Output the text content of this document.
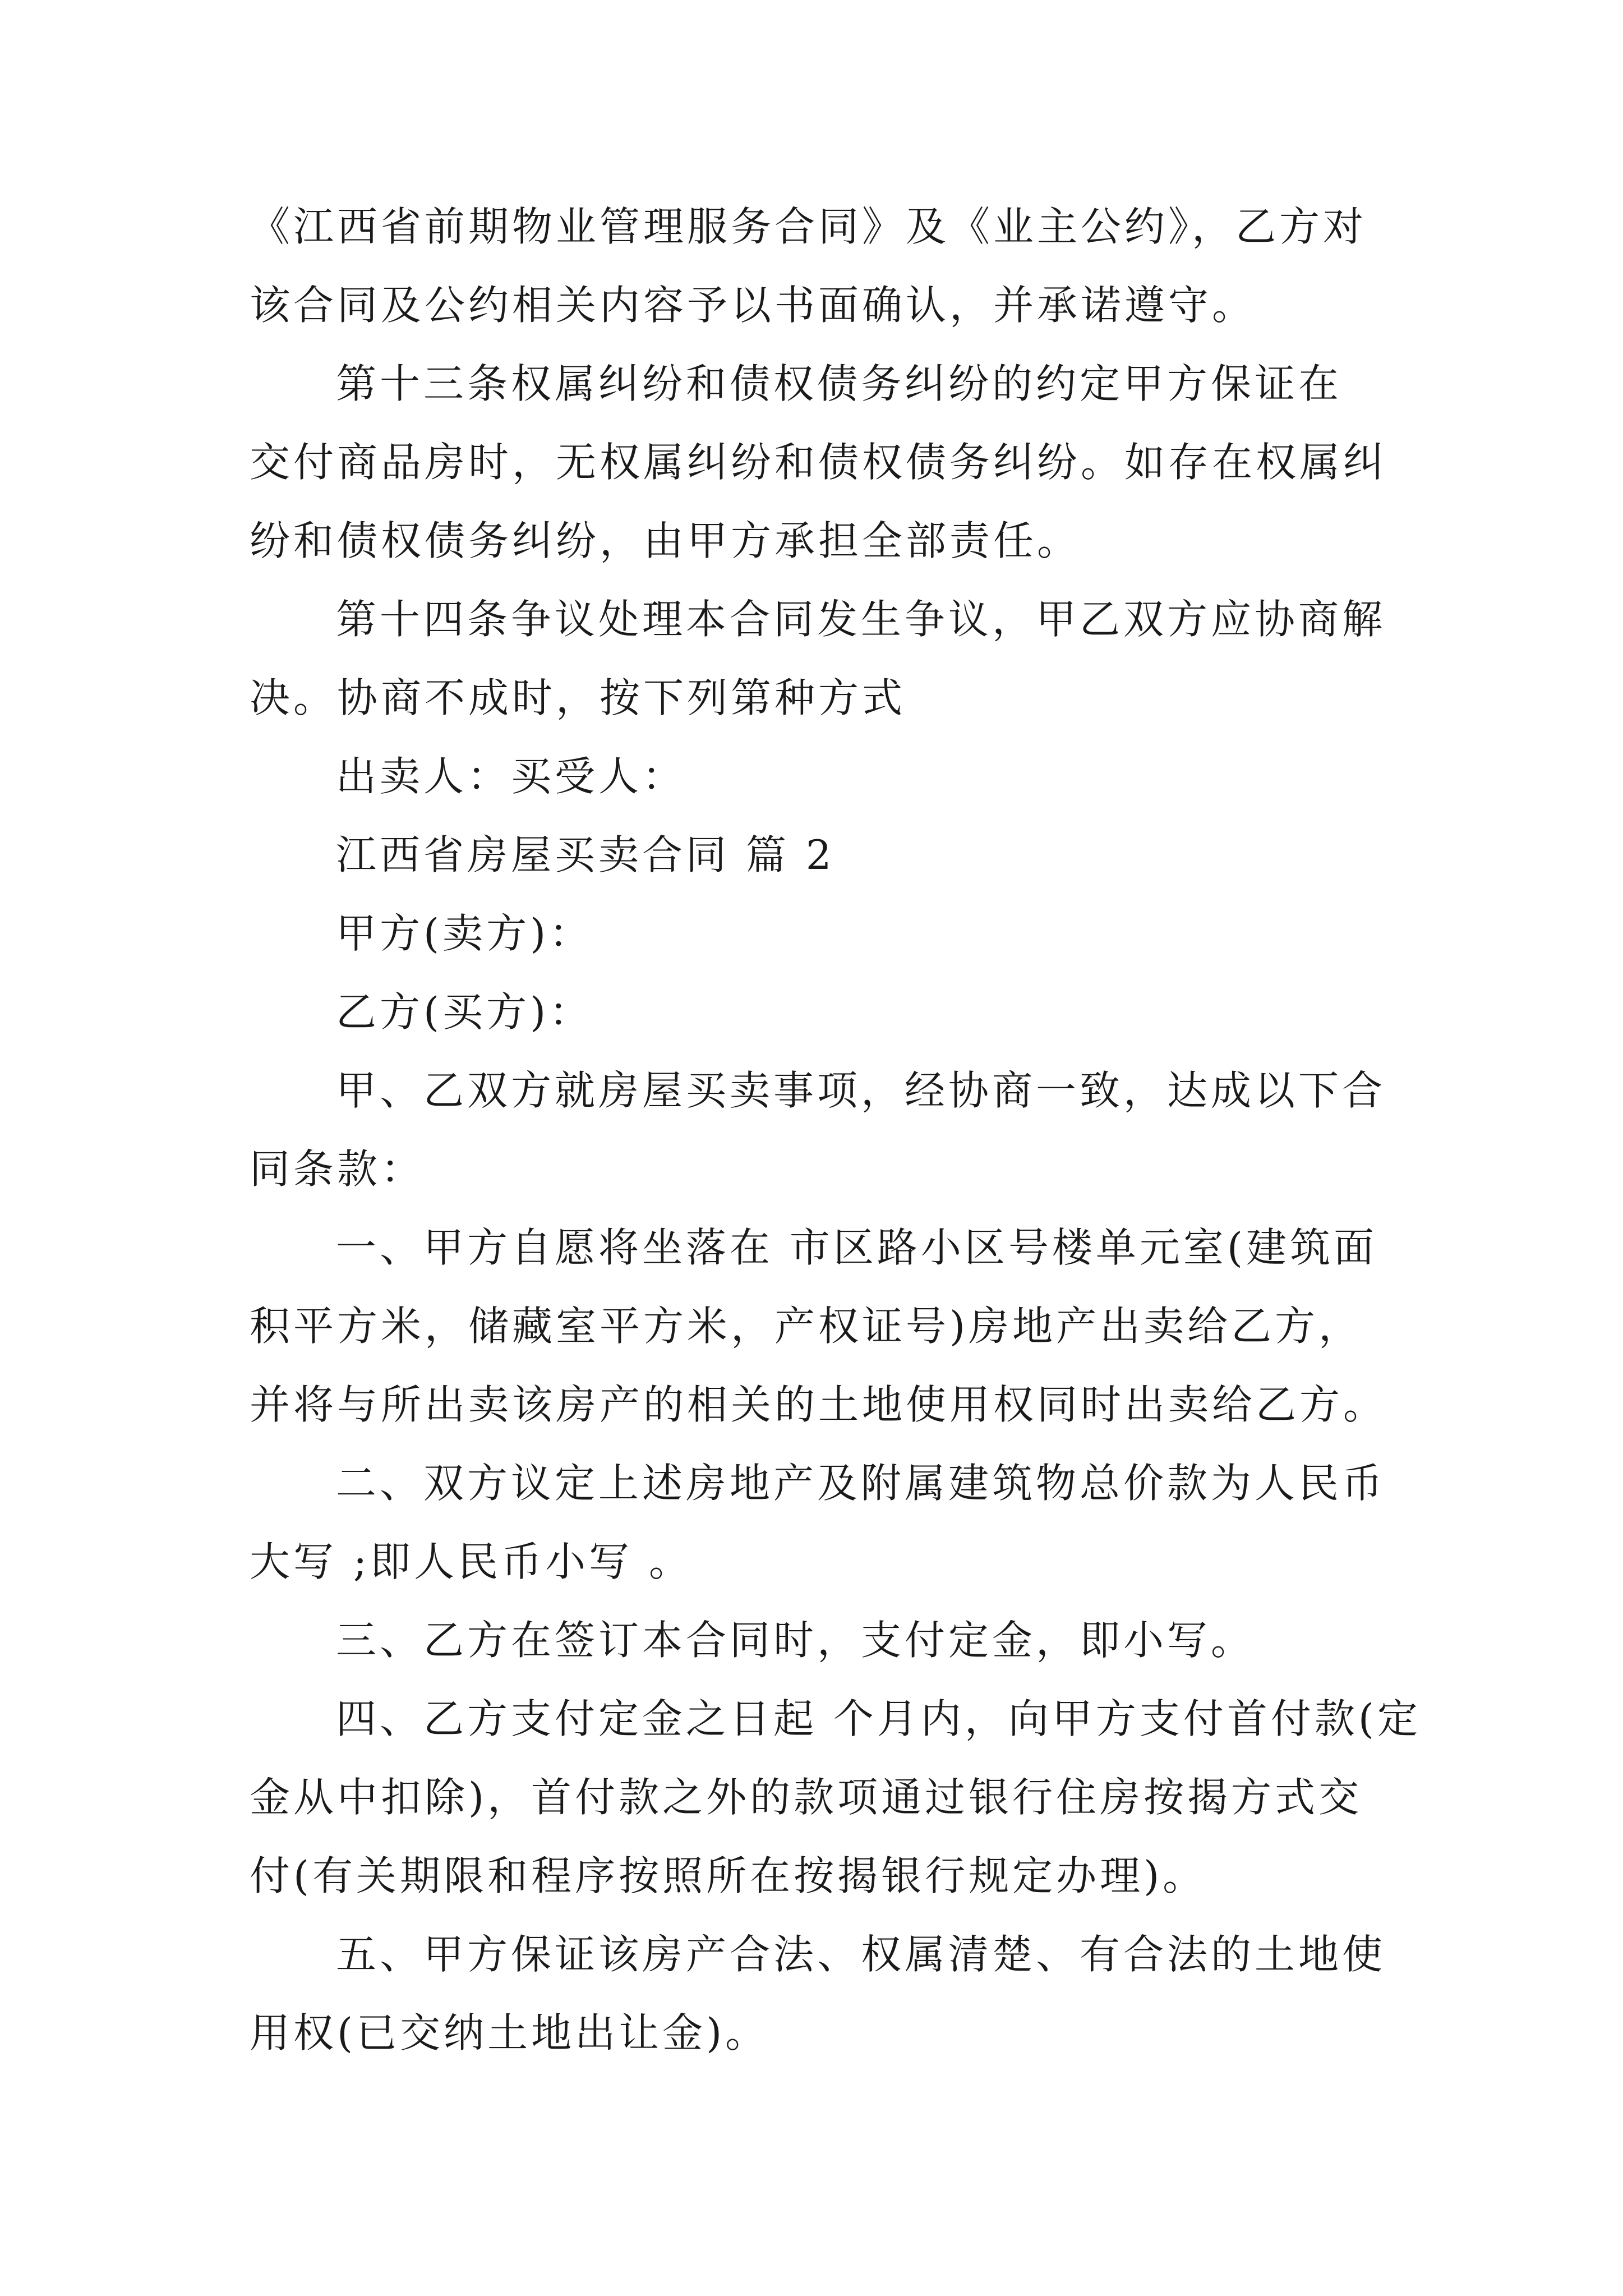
《江西省前期物业管理服务合同》及《业主公约》，乙方对

该合同及公约相关内容予以书面确认，并承诺遵守。

第十三条权属纠纷和债权债务纠纷的约定甲方保证在

交付商品房时，无权属纠纷和债权债务纠纷。如存在权属纠

纷和债权债务纠纷，由甲方承担全部责任。

第十四条争议处理本合同发生争议，甲乙双方应协商解

决。协商不成时，按下列第种方式

出卖人：买受人：

江西省房屋买卖合同 篇 2

甲方(卖方)：

乙方(买方)：

甲、乙双方就房屋买卖事项，经协商一致，达成以下合

同条款：

一、甲方自愿将坐落在 市区路小区号楼单元室(建筑面

积平方米，储藏室平方米，产权证号)房地产出卖给乙方，

并将与所出卖该房产的相关的土地使用权同时出卖给乙方。

二、双方议定上述房地产及附属建筑物总价款为人民币

大写 ;即人民币小写 。

三、乙方在签订本合同时，支付定金，即小写。

四、乙方支付定金之日起 个月内，向甲方支付首付款(定

金从中扣除)，首付款之外的款项通过银行住房按揭方式交

付(有关期限和程序按照所在按揭银行规定办理)。

五、甲方保证该房产合法、权属清楚、有合法的土地使

用权(已交纳土地出让金)。
